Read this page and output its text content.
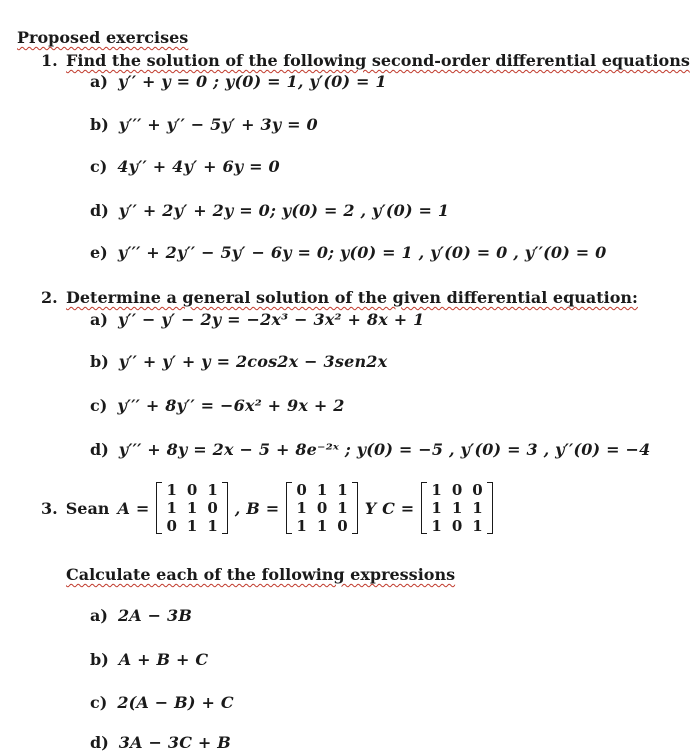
Proposed exercises
1. Find the solution of the following second-order differential equations
a) y′′ + y = 0 ; y(0) = 1, y′(0) = 1
b) y′′′ + y′′ − 5y′ + 3y = 0
c) 4y′′ + 4y′ + 6y = 0
d) y′′ + 2y′ + 2y = 0; y(0) = 2 , y′(0) = 1
e) y′′′ + 2y′′ − 5y′ − 6y = 0; y(0) = 1 , y′(0) = 0 , y′′(0) = 0
2. Determine a general solution of the given differential equation:
a) y′′ − y′ − 2y = −2x³ − 3x² + 8x + 1
b) y′′ + y′ + y = 2cos2x − 3sen2x
c) y′′′ + 8y′′ = −6x² + 9x + 2
d) y′′′ + 8y = 2x − 5 + 8e⁻²ˣ ; y(0) = −5 , y′(0) = 3 , y′′(0) = −4
3. Sean A =
1	0	1
1	1	0
0	1	1
, B =
0	1	1
1	0	1
1	1	0
Y C =
1	0	0
1	1	1
1	0	1
Calculate each of the following expressions
a) 2A − 3B
b) A + B + C
c) 2(A − B) + C
d) 3A − 3C + B
